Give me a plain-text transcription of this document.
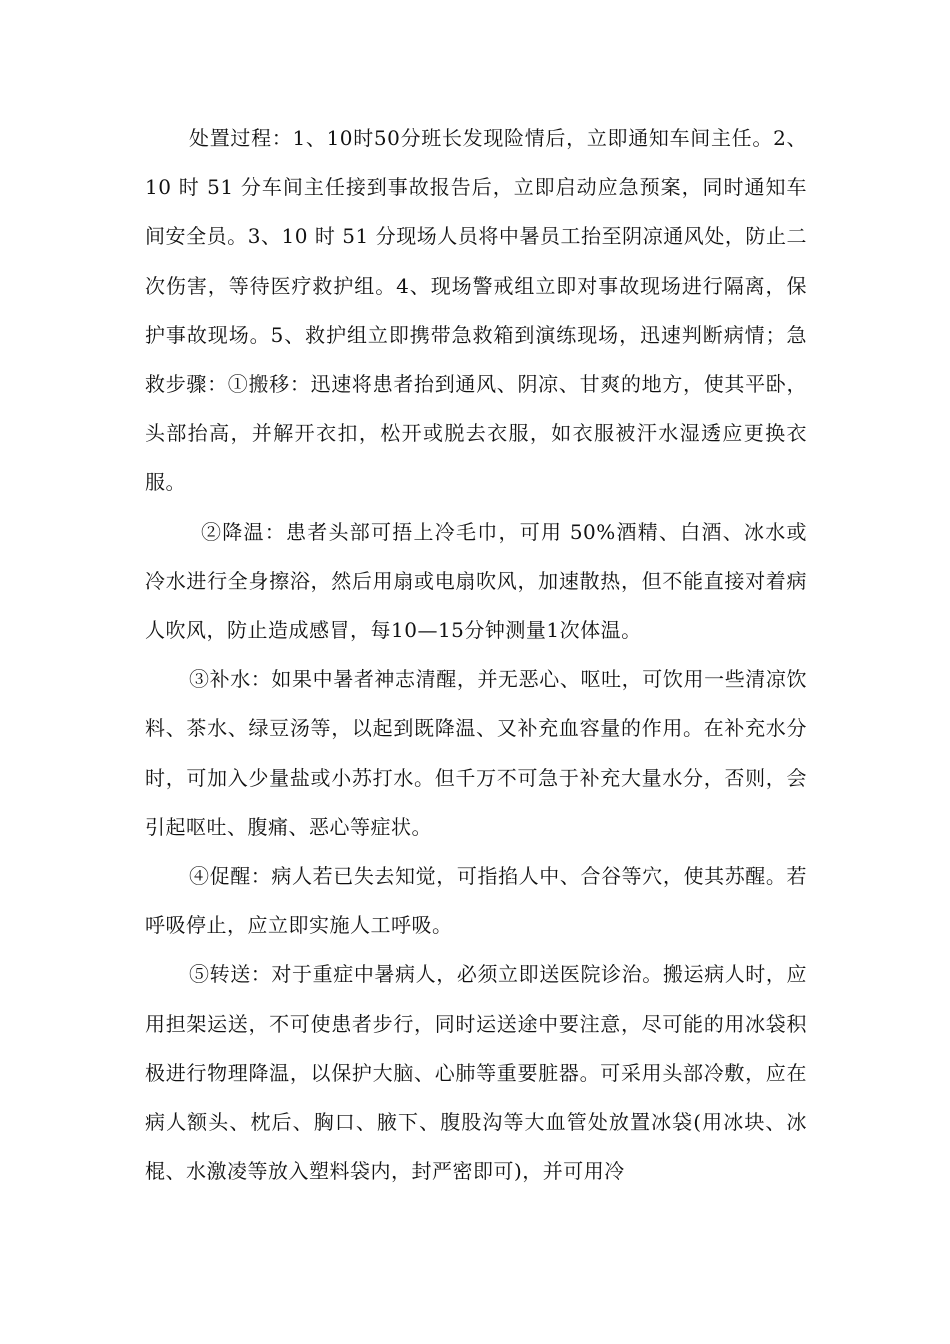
处置过程：1、10时50分班长发现险情后，立即通知车间主任。2、10 时 51 分车间主任接到事故报告后，立即启动应急预案，同时通知车间安全员。3、10 时 51 分现场人员将中暑员工抬至阴凉通风处，防止二次伤害，等待医疗救护组。4、现场警戒组立即对事故现场进行隔离，保护事故现场。5、救护组立即携带急救箱到演练现场，迅速判断病情；急救步骤：①搬移：迅速将患者抬到通风、阴凉、甘爽的地方，使其平卧，头部抬高，并解开衣扣，松开或脱去衣服，如衣服被汗水湿透应更换衣服。

②降温：患者头部可捂上冷毛巾，可用 50%酒精、白酒、冰水或冷水进行全身擦浴，然后用扇或电扇吹风，加速散热，但不能直接对着病人吹风，防止造成感冒，每10—15分钟测量1次体温。

③补水：如果中暑者神志清醒，并无恶心、呕吐，可饮用一些清凉饮料、茶水、绿豆汤等，以起到既降温、又补充血容量的作用。在补充水分时，可加入少量盐或小苏打水。但千万不可急于补充大量水分，否则，会引起呕吐、腹痛、恶心等症状。

④促醒：病人若已失去知觉，可指掐人中、合谷等穴，使其苏醒。若呼吸停止，应立即实施人工呼吸。

⑤转送：对于重症中暑病人，必须立即送医院诊治。搬运病人时，应用担架运送，不可使患者步行，同时运送途中要注意，尽可能的用冰袋积极进行物理降温，以保护大脑、心肺等重要脏器。可采用头部冷敷，应在病人额头、枕后、胸口、腋下、腹股沟等大血管处放置冰袋(用冰块、冰棍、水激凌等放入塑料袋内，封严密即可)，并可用冷
